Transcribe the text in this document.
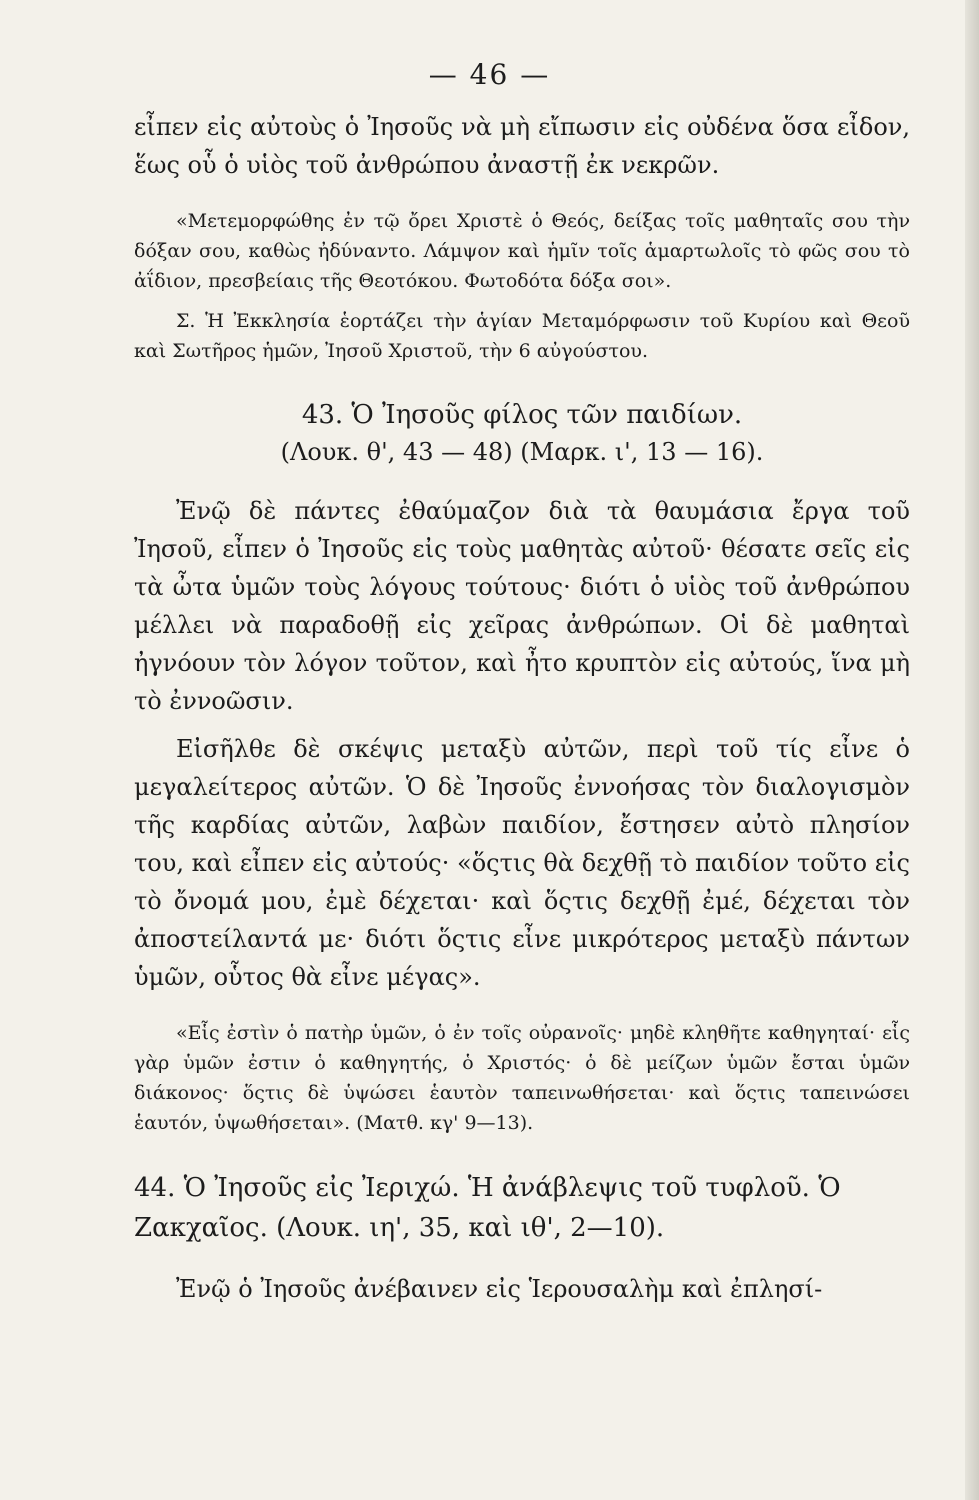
— 46 —

εἶπεν εἰς αὐτοὺς ὁ Ἰησοῦς νὰ μὴ εἴπωσιν εἰς οὐδένα ὅσα εἶδον, ἕως οὗ ὁ υἱὸς τοῦ ἀνθρώπου ἀναστῇ ἐκ νεκρῶν.

«Μετεμορφώθης ἐν τῷ ὄρει Χριστὲ ὁ Θεός, δείξας τοῖς μαθηταῖς σου τὴν δόξαν σου, καθὼς ἠδύναντο. Λάμψον καὶ ἡμῖν τοῖς ἁμαρτωλοῖς τὸ φῶς σου τὸ ἀΐδιον, πρεσβείαις τῆς Θεοτόκου. Φωτοδότα δόξα σοι».

Σ. Ἡ Ἐκκλησία ἑορτάζει τὴν ἁγίαν Μεταμόρφωσιν τοῦ Κυρίου καὶ Θεοῦ καὶ Σωτῆρος ἡμῶν, Ἰησοῦ Χριστοῦ, τὴν 6 αὐγούστου.

43. Ὁ Ἰησοῦς φίλος τῶν παιδίων.
(Λουκ. θ', 43 — 48) (Μαρκ. ι', 13 — 16).

Ἐνῷ δὲ πάντες ἐθαύμαζον διὰ τὰ θαυμάσια ἔργα τοῦ Ἰησοῦ, εἶπεν ὁ Ἰησοῦς εἰς τοὺς μαθητὰς αὐτοῦ· θέσατε σεῖς εἰς τὰ ὦτα ὑμῶν τοὺς λόγους τούτους· διότι ὁ υἱὸς τοῦ ἀνθρώπου μέλλει νὰ παραδοθῇ εἰς χεῖρας ἀνθρώπων. Οἱ δὲ μαθηταὶ ἠγνόουν τὸν λόγον τοῦτον, καὶ ἦτο κρυπτὸν εἰς αὐτούς, ἵνα μὴ τὸ ἐννοῶσιν.

Εἰσῆλθε δὲ σκέψις μεταξὺ αὐτῶν, περὶ τοῦ τίς εἶνε ὁ μεγαλείτερος αὐτῶν. Ὁ δὲ Ἰησοῦς ἐννοήσας τὸν διαλογισμὸν τῆς καρδίας αὐτῶν, λαβὼν παιδίον, ἔστησεν αὐτὸ πλησίον του, καὶ εἶπεν εἰς αὐτούς· «ὅςτις θὰ δεχθῇ τὸ παιδίον τοῦτο εἰς τὸ ὄνομά μου, ἐμὲ δέχεται· καὶ ὅςτις δεχθῇ ἐμέ, δέχεται τὸν ἀποστείλαντά με· διότι ὅςτις εἶνε μικρότερος μεταξὺ πάντων ὑμῶν, οὗτος θὰ εἶνε μέγας».

«Εἷς ἐστὶν ὁ πατὴρ ὑμῶν, ὁ ἐν τοῖς οὐρανοῖς· μηδὲ κληθῆτε καθηγηταί· εἷς γὰρ ὑμῶν ἐστιν ὁ καθηγητής, ὁ Χριστός· ὁ δὲ μείζων ὑμῶν ἔσται ὑμῶν διάκονος· ὅςτις δὲ ὑψώσει ἑαυτὸν ταπεινωθήσεται· καὶ ὅςτις ταπεινώσει ἑαυτόν, ὑψωθήσεται». (Ματθ. κγ' 9—13).

44. Ὁ Ἰησοῦς εἰς Ἰεριχώ. Ἡ ἀνάβλεψις τοῦ τυφλοῦ. Ὁ Ζακχαῖος. (Λουκ. ιη', 35, καὶ ιθ', 2—10).

Ἐνῷ ὁ Ἰησοῦς ἀνέβαινεν εἰς Ἱερουσαλὴμ καὶ ἐπλησί-
